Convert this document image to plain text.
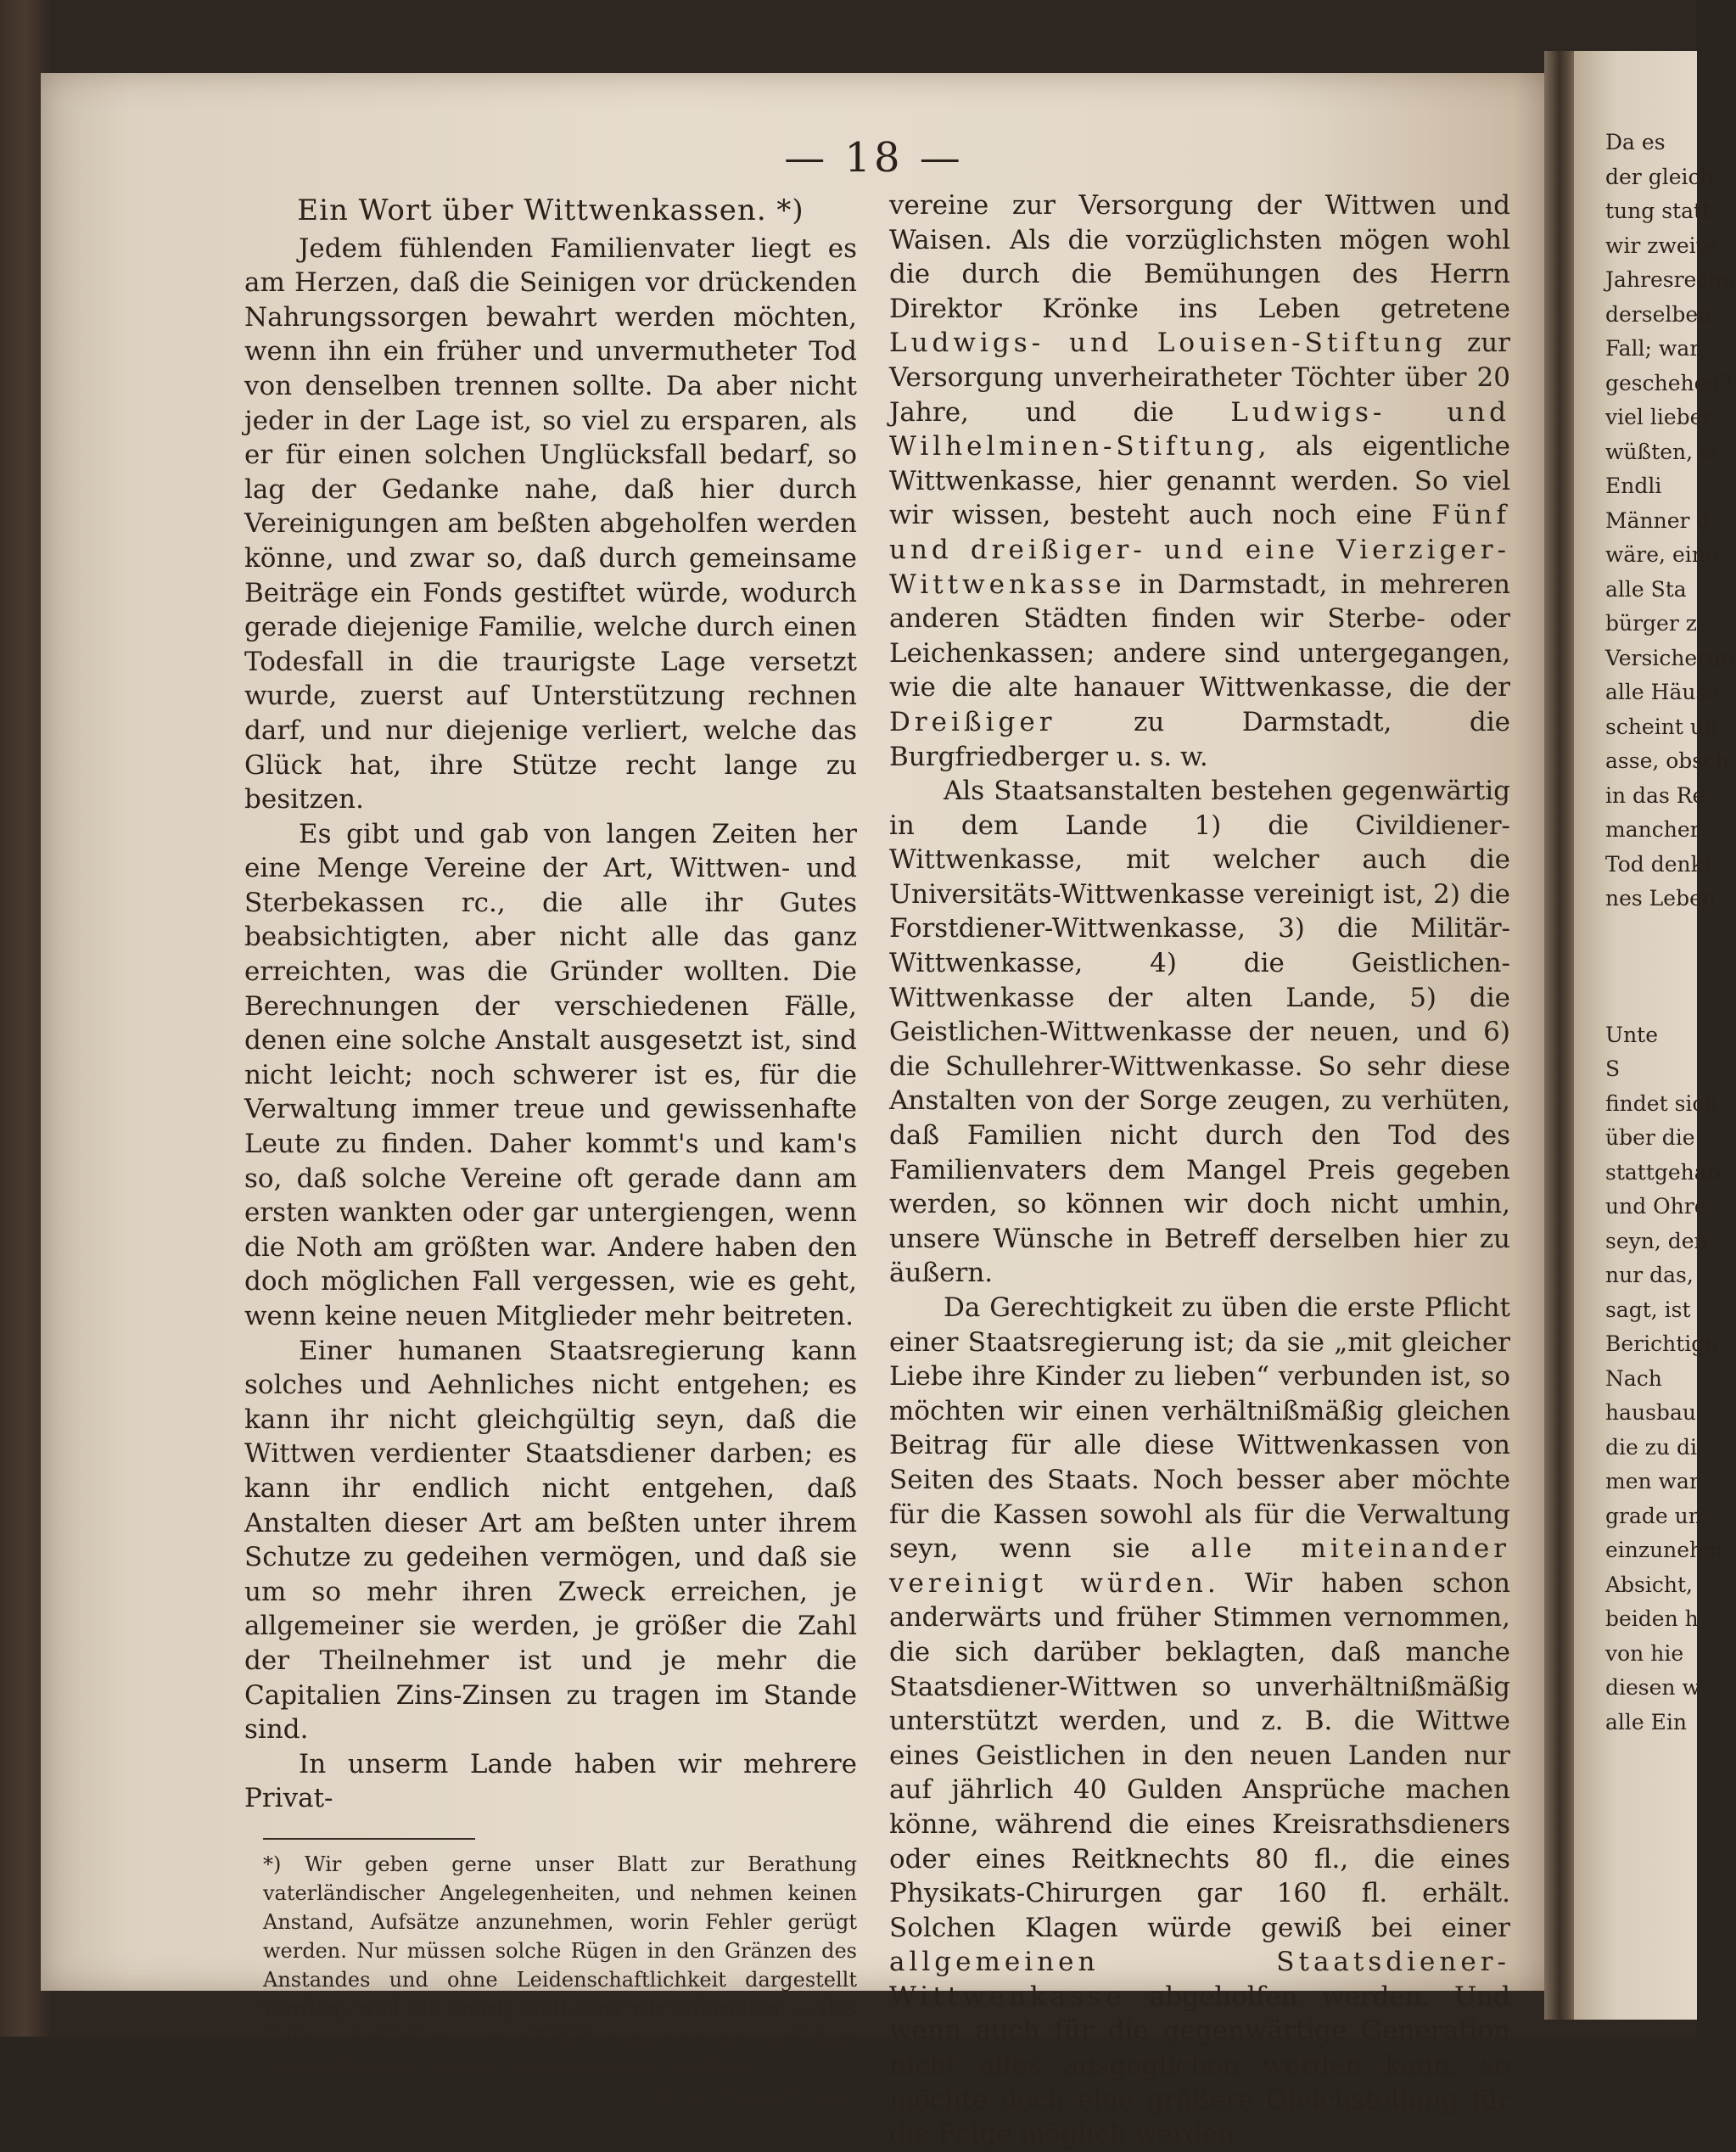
— 18 —
Ein Wort über Wittwenkassen. *)

Jedem fühlenden Familienvater liegt es am Herzen, daß die Seinigen vor drückenden Nahrungssorgen bewahrt werden möchten, wenn ihn ein früher und unvermutheter Tod von denselben trennen sollte. Da aber nicht jeder in der Lage ist, so viel zu ersparen, als er für einen solchen Unglücksfall bedarf, so lag der Gedanke nahe, daß hier durch Vereinigungen am beßten abgeholfen werden könne, und zwar so, daß durch gemeinsame Beiträge ein Fonds gestiftet würde, wodurch gerade diejenige Familie, welche durch einen Todesfall in die traurigste Lage versetzt wurde, zuerst auf Unterstützung rechnen darf, und nur diejenige verliert, welche das Glück hat, ihre Stütze recht lange zu besitzen.

Es gibt und gab von langen Zeiten her eine Menge Vereine der Art, Wittwen- und Sterbekassen rc., die alle ihr Gutes beabsichtigten, aber nicht alle das ganz erreichten, was die Gründer wollten. Die Berechnungen der verschiedenen Fälle, denen eine solche Anstalt ausgesetzt ist, sind nicht leicht; noch schwerer ist es, für die Verwaltung immer treue und gewissenhafte Leute zu finden. Daher kommt's und kam's so, daß solche Vereine oft gerade dann am ersten wankten oder gar untergiengen, wenn die Noth am größten war. Andere haben den doch möglichen Fall vergessen, wie es geht, wenn keine neuen Mitglieder mehr beitreten.

Einer humanen Staatsregierung kann solches und Aehnliches nicht entgehen; es kann ihr nicht gleichgültig seyn, daß die Wittwen verdienter Staatsdiener darben; es kann ihr endlich nicht entgehen, daß Anstalten dieser Art am beßten unter ihrem Schutze zu gedeihen vermögen, und daß sie um so mehr ihren Zweck erreichen, je allgemeiner sie werden, je größer die Zahl der Theilnehmer ist und je mehr die Capitalien Zins-Zinsen zu tragen im Stande sind.

In unserm Lande haben wir mehrere Privat-

*) Wir geben gerne unser Blatt zur Berathung vaterländischer Angelegenheiten, und nehmen keinen Anstand, Aufsätze anzunehmen, worin Fehler gerügt werden. Nur müssen solche Rügen in den Gränzen des Anstandes und ohne Leidenschaftlichkeit dargestellt werden, weil sie sonst, statt was wir wünschen — das Gute zu befördern — nur Erbitterung erzeugen und dem Guten dadurch gerade hinderlich seyn würden.
Die Redaction.

vereine zur Versorgung der Wittwen und Waisen. Als die vorzüglichsten mögen wohl die durch die Bemühungen des Herrn Direktor Krönke ins Leben getretene Ludwigs- und Louisen-Stiftung zur Versorgung unverheiratheter Töchter über 20 Jahre, und die Ludwigs- und Wilhelminen-Stiftung, als eigentliche Wittwenkasse, hier genannt werden. So viel wir wissen, besteht auch noch eine Fünf und dreißiger- und eine Vierziger-Wittwenkasse in Darmstadt, in mehreren anderen Städten finden wir Sterbe- oder Leichenkassen; andere sind untergegangen, wie die alte hanauer Wittwenkasse, die der Dreißiger zu Darmstadt, die Burgfriedberger u. s. w.

Als Staatsanstalten bestehen gegenwärtig in dem Lande 1) die Civildiener-Wittwenkasse, mit welcher auch die Universitäts-Wittwenkasse vereinigt ist, 2) die Forstdiener-Wittwenkasse, 3) die Militär-Wittwenkasse, 4) die Geistlichen-Wittwenkasse der alten Lande, 5) die Geistlichen-Wittwenkasse der neuen, und 6) die Schullehrer-Wittwenkasse. So sehr diese Anstalten von der Sorge zeugen, zu verhüten, daß Familien nicht durch den Tod des Familienvaters dem Mangel Preis gegeben werden, so können wir doch nicht umhin, unsere Wünsche in Betreff derselben hier zu äußern.

Da Gerechtigkeit zu üben die erste Pflicht einer Staatsregierung ist; da sie „mit gleicher Liebe ihre Kinder zu lieben“ verbunden ist, so möchten wir einen verhältnißmäßig gleichen Beitrag für alle diese Wittwenkassen von Seiten des Staats. Noch besser aber möchte für die Kassen sowohl als für die Verwaltung seyn, wenn sie alle miteinander vereinigt würden. Wir haben schon anderwärts und früher Stimmen vernommen, die sich darüber beklagten, daß manche Staatsdiener-Wittwen so unverhältnißmäßig unterstützt werden, und z. B. die Wittwe eines Geistlichen in den neuen Landen nur auf jährlich 40 Gulden Ansprüche machen könne, während die eines Kreisrathsdieners oder eines Reitknechts 80 fl., die eines Physikats-Chirurgen gar 160 fl. erhält. Solchen Klagen würde gewiß bei einer allgemeinen Staatsdiener-Wittwenkasse abgeholfen werden. Und wenn auch für die gegenwärtige Generation nicht alles ausgeglichen werden kann, so möchte doch eine größere Gleichstellung für die Folge möglich werden

Da es
der gleich
tung statt
wir zweite
Jahresrechn
derselben.
Fall; war
geschehen?
viel lieber
wüßten, w
Endli
Männer d
wäre, eine
alle Sta
bürger z
Versicherun
alle Häuse
scheint un
asse, obsch
in das Re
mancher
Tod denkt
nes Leben
Unte
S
findet sich
über die
stattgehab
und Ohre
seyn, den
nur das,
sagt, ist
Berichtigu
Nach
hausbau
die zu di
men war
grade un
einzunehm
Absicht,
beiden h
von hie
diesen w
alle Ein
